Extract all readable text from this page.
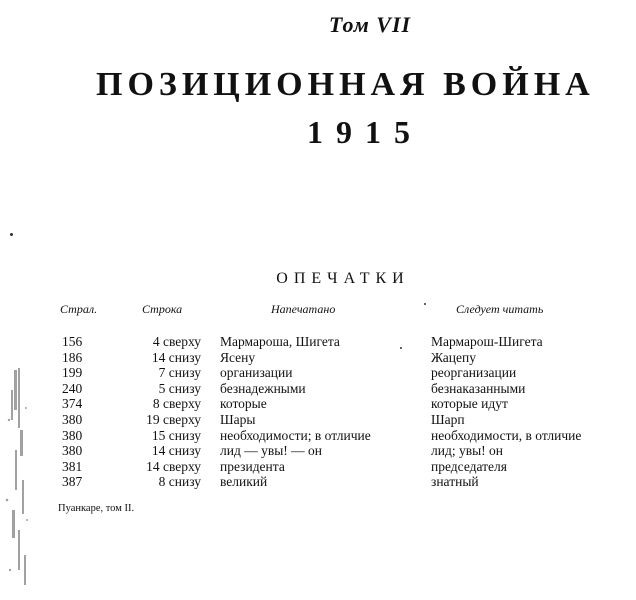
Том VII
ПОЗИЦИОННАЯ ВОЙНА
1915
ОПЕЧАТКИ
Страл.	Строка	Напечатано	Следует читать
156	4 сверху Мармароша, Шигета	Мармарош-Шигета
186	14 снизу Ясену	Жацепу
199	7 снизу организации	реорганизации
240	5 снизу безнадежными	безнаказанными
374	8 сверху которые	которые идут
380	19 сверху Шары	Шарп
380	15 снизу необходимости; в отличие	необходимости, в отличие
380	14 снизу лид — увы! — он	лид; увы! он
381	14 сверху президента	председателя
387	8 снизу великий	знатный
Пуанкаре, том II.
